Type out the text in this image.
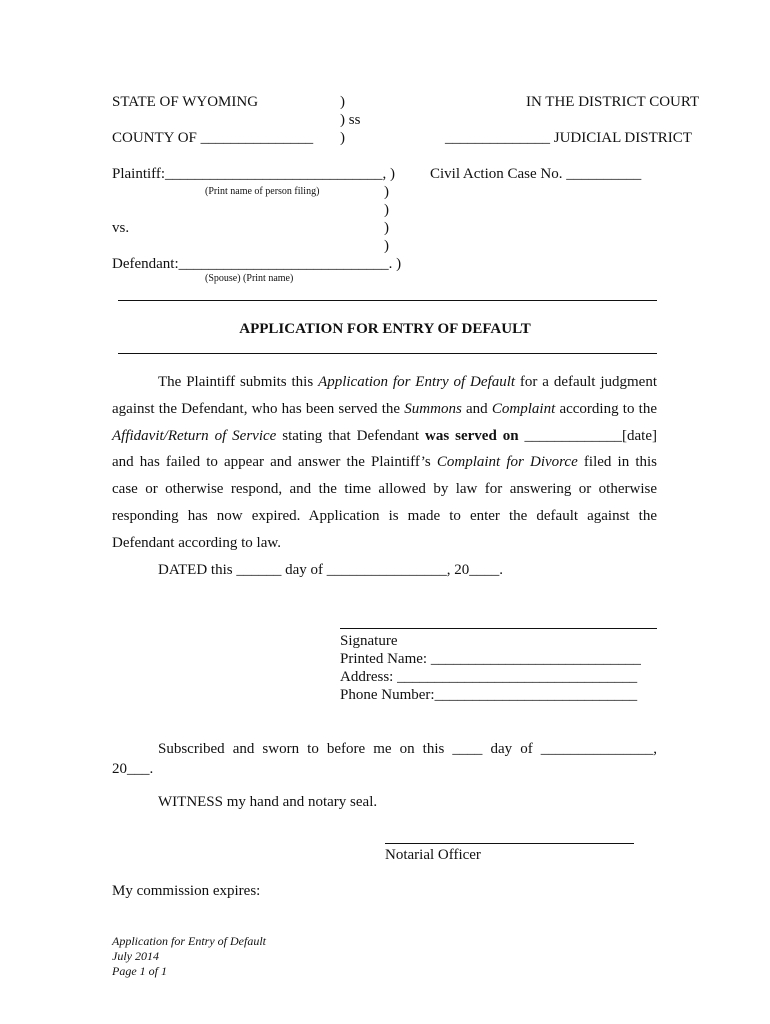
STATE OF WYOMING	)	IN THE DISTRICT COURT
) ss
COUNTY OF _______________ )	______________ JUDICIAL DISTRICT
Plaintiff:_____________________________, ) Civil Action Case No. __________
(Print name of person filing)	)
)
vs.	)
)
Defendant:____________________________. )
(Spouse) (Print name)
APPLICATION FOR ENTRY OF DEFAULT
The Plaintiff submits this Application for Entry of Default for a default judgment
against the Defendant, who has been served the Summons and Complaint according to the
Affidavit/Return of Service stating that Defendant was served on _____________[date]
and has failed to appear and answer the Plaintiff’s Complaint for Divorce filed in this
case or otherwise respond, and the time allowed by law for answering or otherwise
responding has now expired. Application is made to enter the default against the
Defendant according to law.
DATED this ______ day of ________________, 20____.
Signature
Printed Name: ____________________________
Address: ________________________________
Phone Number:___________________________
Subscribed and sworn to before me on this ____ day of _______________,
20___.
WITNESS my hand and notary seal.
Notarial Officer
My commission expires:
Application for Entry of Default
July 2014
Page 1 of 1
